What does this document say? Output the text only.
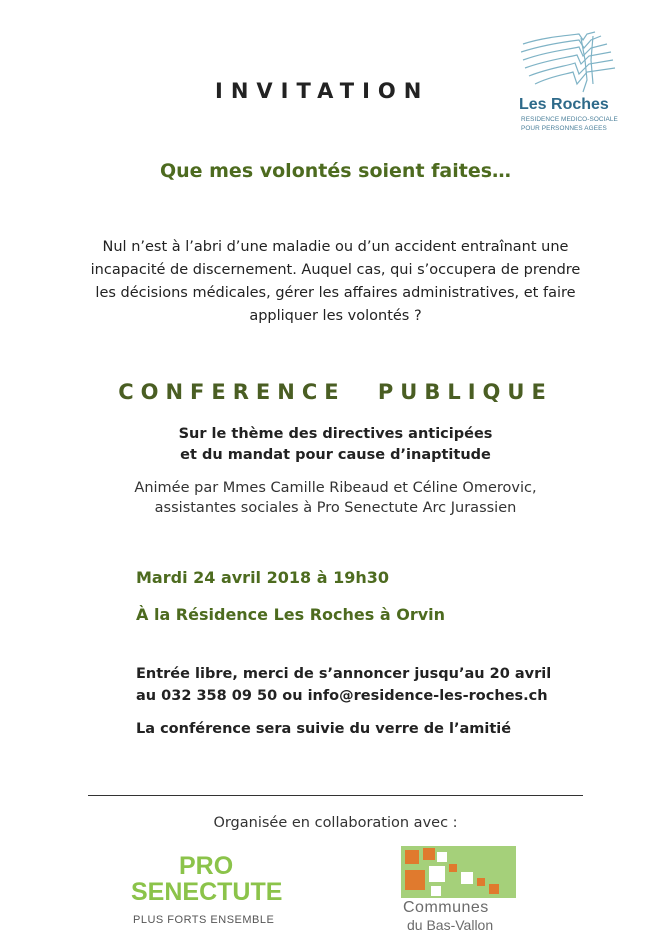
INVITATION
Les Roches
RESIDENCE MEDICO-SOCIALE
POUR PERSONNES AGEES
Que mes volontés soient faites…
Nul n’est à l’abri d’une maladie ou d’un accident entraînant une incapacité de discernement. Auquel cas, qui s’occupera de prendre les décisions médicales, gérer les affaires administratives, et faire appliquer les volontés ?
CONFERENCE PUBLIQUE
Sur le thème des directives anticipées
et du mandat pour cause d’inaptitude
Animée par Mmes Camille Ribeaud et Céline Omerovic,
assistantes sociales à Pro Senectute Arc Jurassien
Mardi 24 avril 2018 à 19h30
À la Résidence Les Roches à Orvin
Entrée libre, merci de s’annoncer jusqu’au 20 avril
au 032 358 09 50 ou info@residence-les-roches.ch
La conférence sera suivie du verre de l’amitié
Organisée en collaboration avec :
PRO
SENECTUTE
PLUS FORTS ENSEMBLE
Communes
du Bas-Vallon
